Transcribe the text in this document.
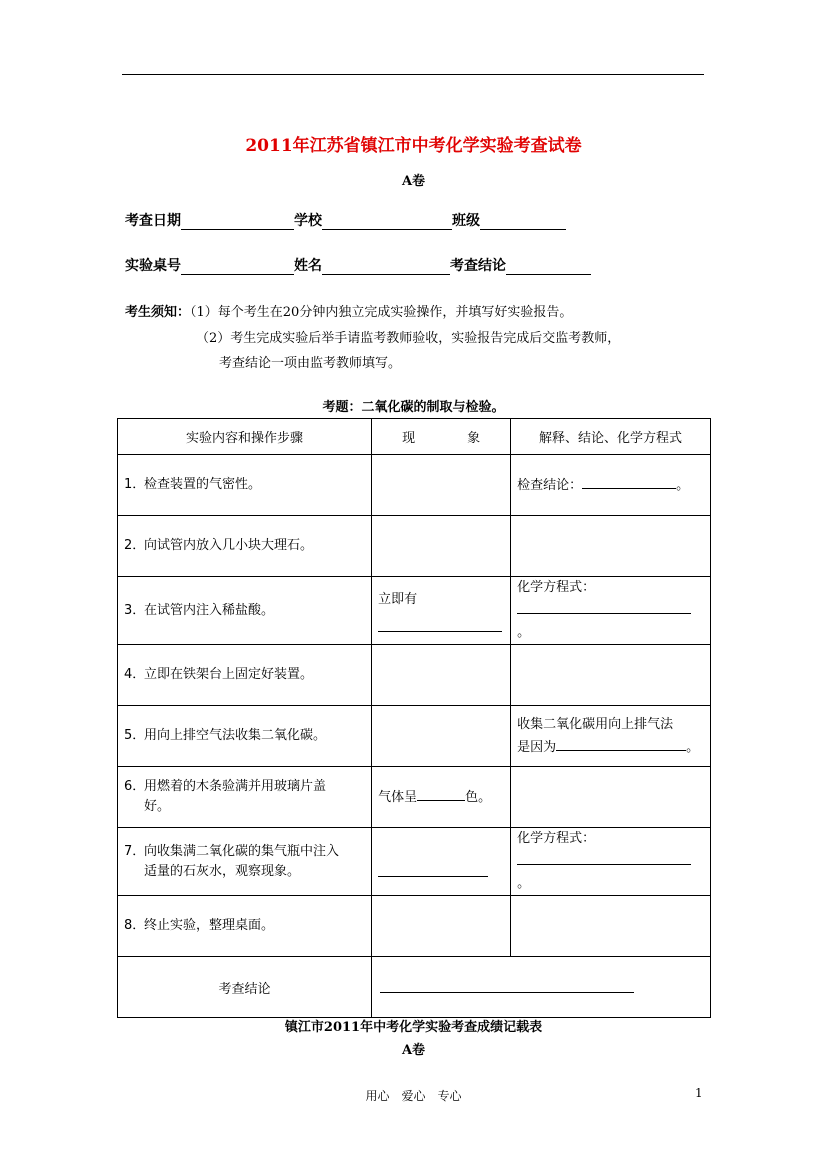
2011年江苏省镇江市中考化学实验考查试卷
A卷
考查日期	学校	班级
实验桌号	姓名	考查结论
考生须知：（1）每个考生在20分钟内独立完成实验操作，并填写好实验报告。
（2）考生完成实验后举手请监考教师验收，实验报告完成后交监考教师，
考查结论一项由监考教师填写。
考题：二氧化碳的制取与检验。
实验内容和操作步骤	现　　　　象	解释、结论、化学方程式
1．检查装置的气密性。		检查结论： 。
2．向试管内放入几小块大理石。		
3．在试管内注入稀盐酸。	立即有	化学方程式：
。
4．立即在铁架台上固定好装置。		
5．用向上排空气法收集二氧化碳。		收集二氧化碳用向上排气法
是因为 。
6．用燃着的木条验满并用玻璃片盖
好。	气体呈 色。	
7．向收集满二氧化碳的集气瓶中注入
适量的石灰水，观察现象。		化学方程式：
。
8．终止实验，整理桌面。		
考查结论		
镇江市2011年中考化学实验考查成绩记载表
A卷
用心　爱心　专心	1
